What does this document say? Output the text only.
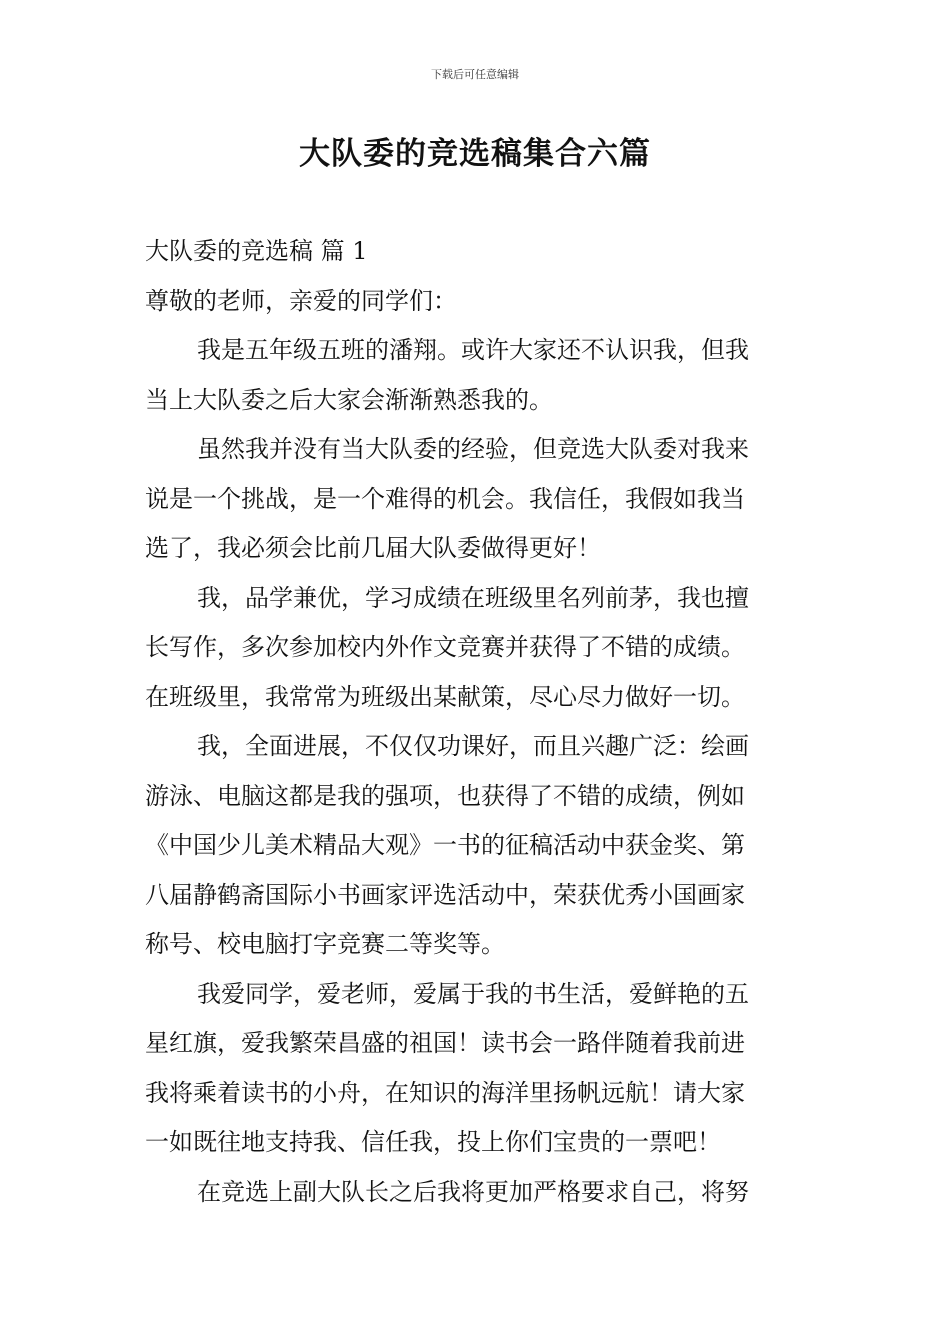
下载后可任意编辑
大队委的竞选稿集合六篇
大队委的竞选稿 篇 1
尊敬的老师，亲爱的同学们：
我是五年级五班的潘翔。或许大家还不认识我，但我
当上大队委之后大家会渐渐熟悉我的。
虽然我并没有当大队委的经验，但竞选大队委对我来
说是一个挑战，是一个难得的机会。我信任，我假如我当
选了，我必须会比前几届大队委做得更好！
我，品学兼优，学习成绩在班级里名列前茅，我也擅
长写作，多次参加校内外作文竞赛并获得了不错的成绩。
在班级里，我常常为班级出某献策，尽心尽力做好一切。
我，全面进展，不仅仅功课好，而且兴趣广泛：绘画
游泳、电脑这都是我的强项，也获得了不错的成绩，例如
《中国少儿美术精品大观》一书的征稿活动中获金奖、第
八届静鹤斋国际小书画家评选活动中，荣获优秀小国画家
称号、校电脑打字竞赛二等奖等。
我爱同学，爱老师，爱属于我的书生活，爱鲜艳的五
星红旗，爱我繁荣昌盛的祖国！读书会一路伴随着我前进
我将乘着读书的小舟，在知识的海洋里扬帆远航！请大家
一如既往地支持我、信任我，投上你们宝贵的一票吧！
在竞选上副大队长之后我将更加严格要求自己，将努
